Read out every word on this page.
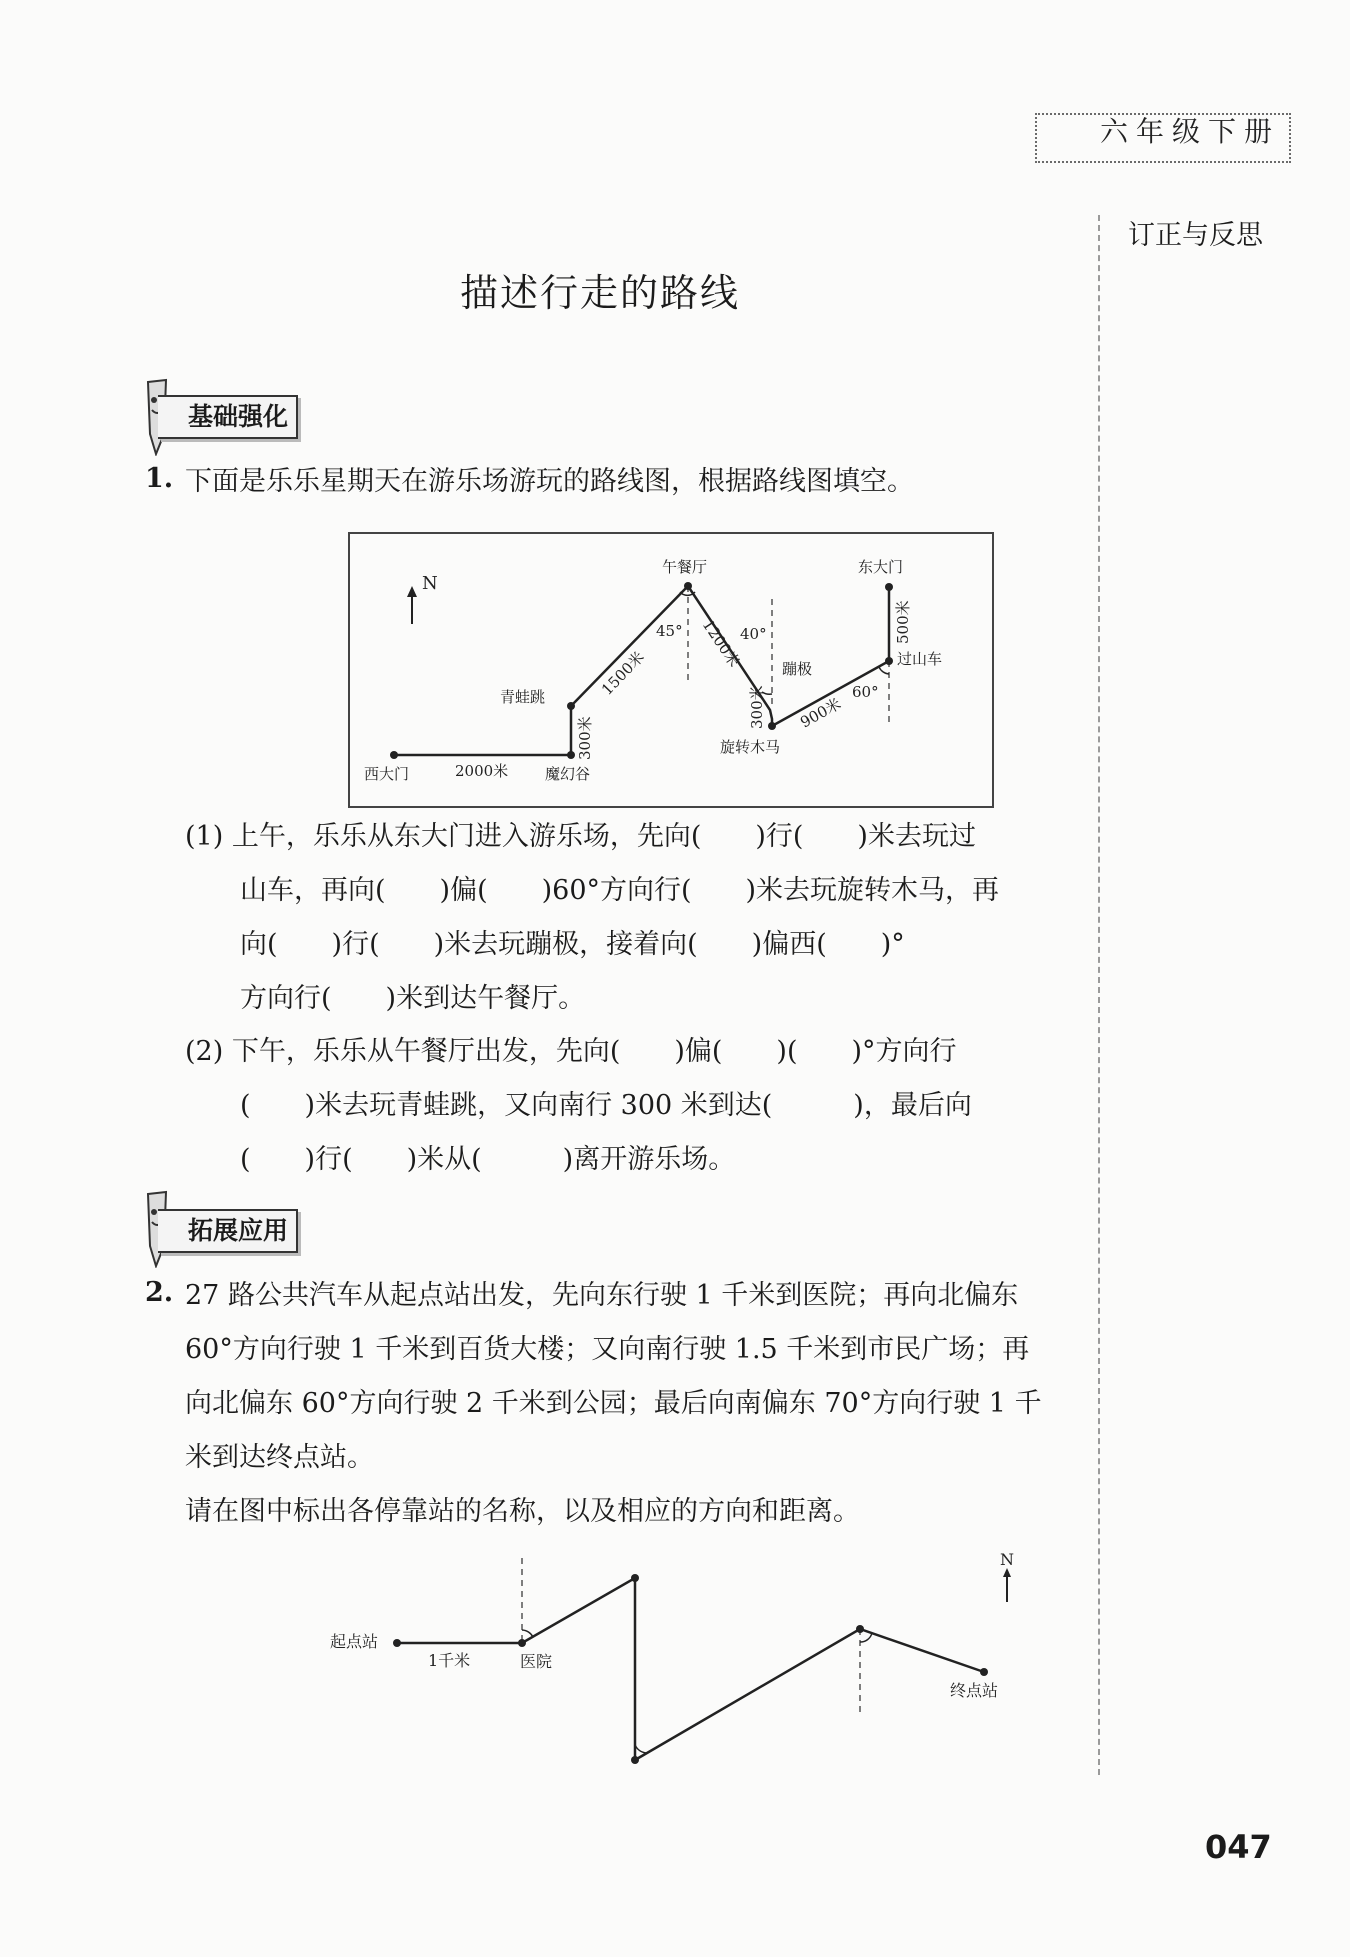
六年级下册
订正与反思
描述行走的路线
基础强化
1. 下面是乐乐星期天在游乐场游玩的路线图，根据路线图填空。
N
西大门	魔幻谷
青蛙跳
午餐厅
蹦极
旋转木马
过山车
东大门
2000米
300米
1500米
1200米
300米 900米
500米
45°	40°
60°
(1) 上午，乐乐从东大门进入游乐场，先向(　　)行(　　)米去玩过
山车，再向(　　)偏(　　)60°方向行(　　)米去玩旋转木马，再
向(　　)行(　　)米去玩蹦极，接着向(　　)偏西(　　)°
方向行(　　)米到达午餐厅。
(2) 下午，乐乐从午餐厅出发，先向(　　)偏(　　)(　　)°方向行
(　　)米去玩青蛙跳，又向南行 300 米到达(　　　)，最后向
(　　)行(　　)米从(　　　)离开游乐场。
拓展应用
2. 27 路公共汽车从起点站出发，先向东行驶 1 千米到医院；再向北偏东
60°方向行驶 1 千米到百货大楼；又向南行驶 1.5 千米到市民广场；再
向北偏东 60°方向行驶 2 千米到公园；最后向南偏东 70°方向行驶 1 千
米到达终点站。
请在图中标出各停靠站的名称，以及相应的方向和距离。
N
起点站
1千米	医院
终点站
047
